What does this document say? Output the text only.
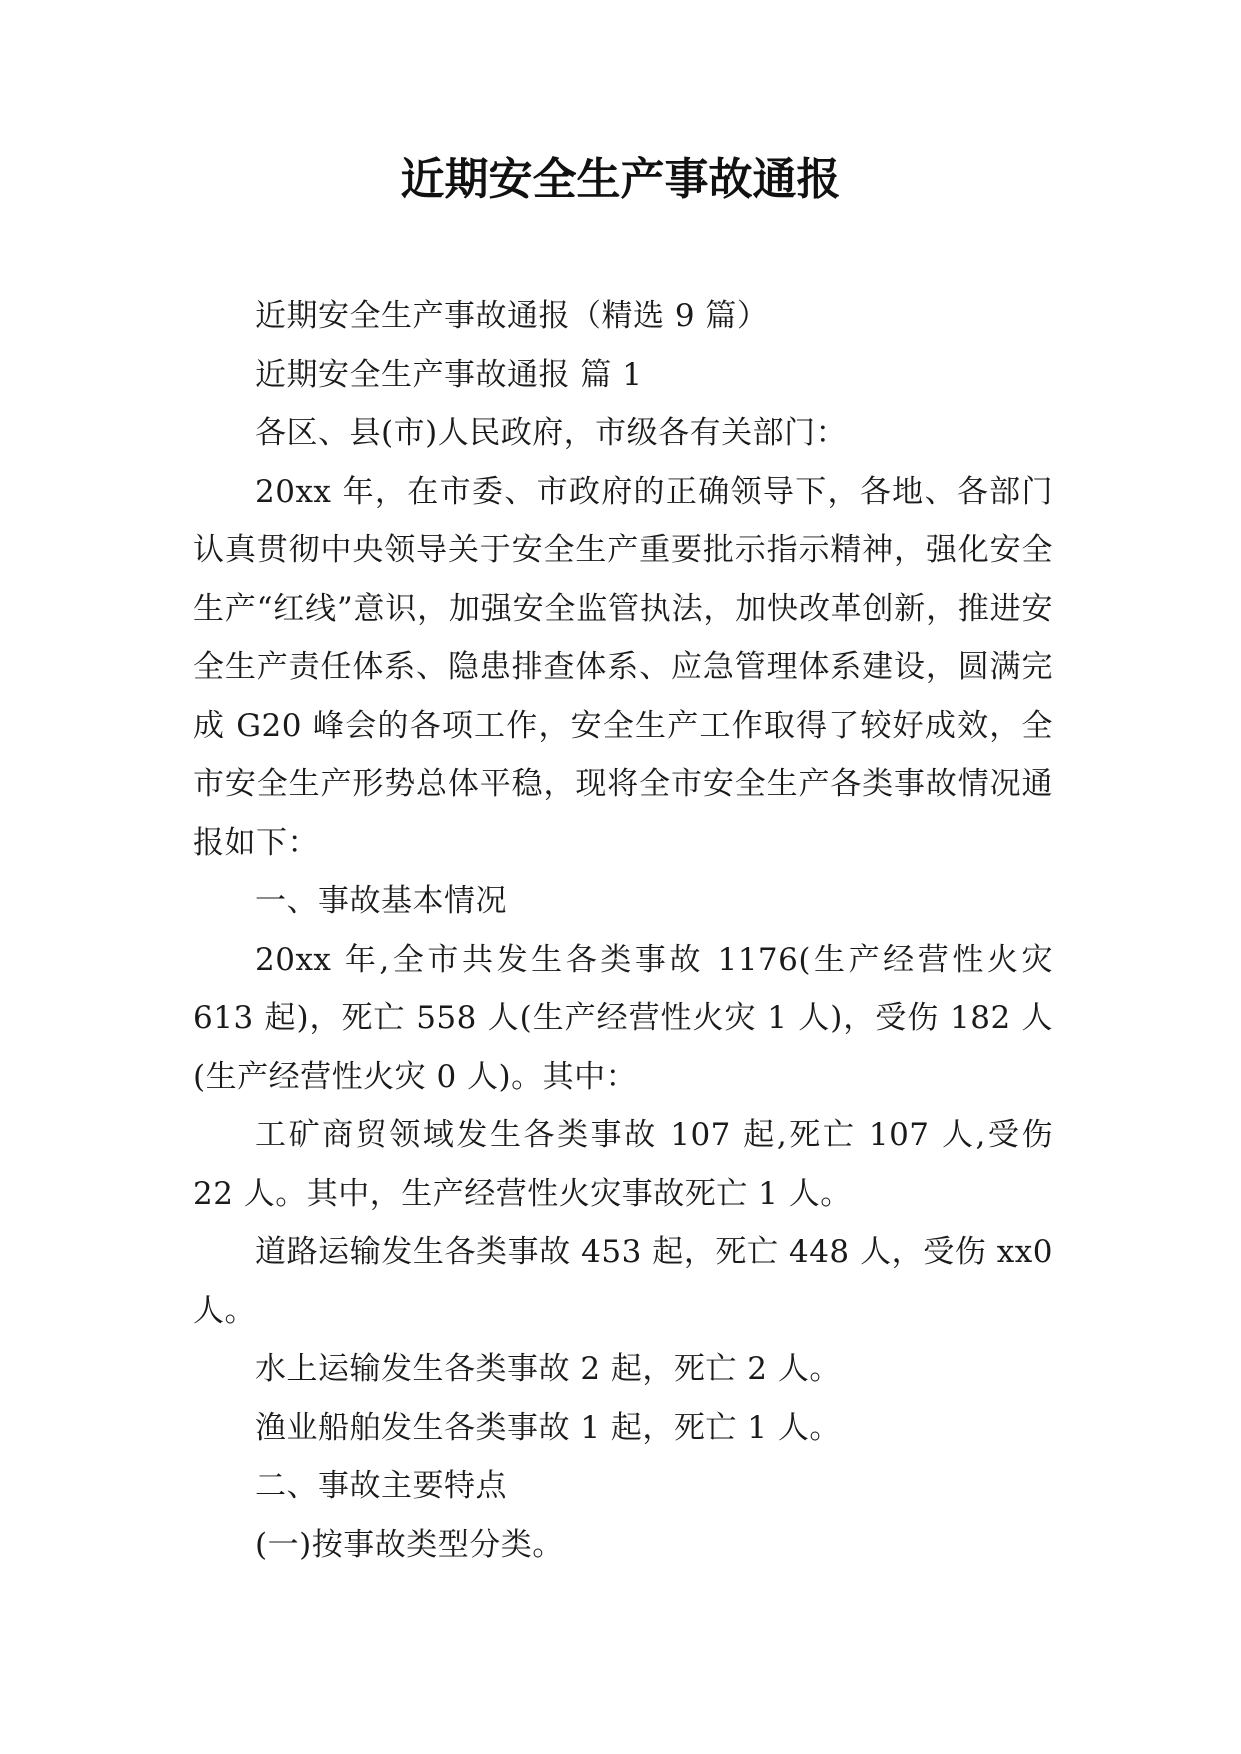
近期安全生产事故通报

近期安全生产事故通报（精选 9 篇）

近期安全生产事故通报 篇 1

各区、县(市)人民政府，市级各有关部门：

20xx 年，在市委、市政府的正确领导下，各地、各部门认真贯彻中央领导关于安全生产重要批示指示精神，强化安全生产“红线”意识，加强安全监管执法，加快改革创新，推进安全生产责任体系、隐患排查体系、应急管理体系建设，圆满完成 G20 峰会的各项工作，安全生产工作取得了较好成效，全市安全生产形势总体平稳，现将全市安全生产各类事故情况通报如下：

一、事故基本情况

20xx 年,全市共发生各类事故 1176(生产经营性火灾 613 起)，死亡 558 人(生产经营性火灾 1 人)，受伤 182 人(生产经营性火灾 0 人)。其中：

工矿商贸领域发生各类事故 107 起,死亡 107 人,受伤 22 人。其中，生产经营性火灾事故死亡 1 人。

道路运输发生各类事故 453 起，死亡 448 人，受伤 xx0 人。

水上运输发生各类事故 2 起，死亡 2 人。

渔业船舶发生各类事故 1 起，死亡 1 人。

二、事故主要特点

(一)按事故类型分类。
